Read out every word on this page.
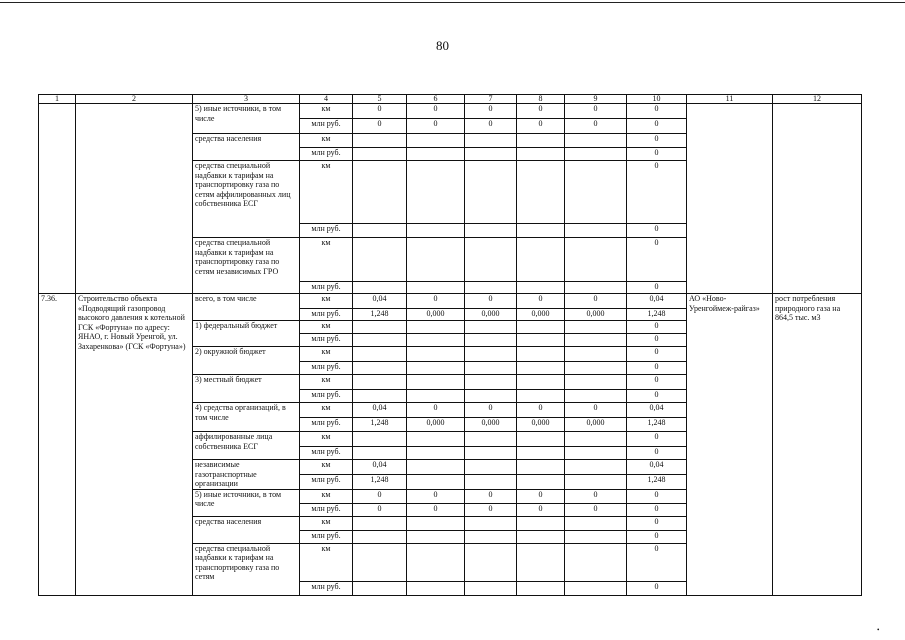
80
1	2	3	4	5	6	7	8	9	10	11	12
		5) иные источники, в том числе	км	0	0	0	0	0	0		
			млн руб.	0	0	0	0	0	0		
		средства населения	км						0		
			млн руб.						0		
		средства специальной надбавки к тарифам на транспортировку газа по сетям аффилированных лиц собственника ЕСГ	км						0		
			млн руб.						0		
		средства специальной надбавки к тарифам на транспортировку газа по сетям независимых ГРО	км						0		
			млн руб.						0		
7.36.	Строительство объекта «Подводящий газопровод высокого давления к котельной ГСК «Фортуна» по адресу: ЯНАО, г. Новый Уренгой, ул. Захаренкова» (ГСК «Фортуна»)	всего, в том числе	км	0,04	0	0	0	0	0,04	АО «Ново-Уренгоймеж-райгаз»	рост потребления природного газа на 864,5 тыс. м3
			млн руб.	1,248	0,000	0,000	0,000	0,000	1,248		
		1) федеральный бюджет	км						0		
			млн руб.						0		
		2) окружной бюджет	км						0		
			млн руб.						0		
		3) местный бюджет	км						0		
			млн руб.						0		
		4) средства организаций, в том числе	км	0,04	0	0	0	0	0,04		
			млн руб.	1,248	0,000	0,000	0,000	0,000	1,248		
		аффилированные лица собственника ЕСГ	км						0		
			млн руб.						0		
		независимые газотранспортные организации	км	0,04					0,04		
			млн руб.	1,248					1,248		
		5) иные источники, в том числе	км	0	0	0	0	0	0		
			млн руб.	0	0	0	0	0	0		
		средства населения	км						0		
			млн руб.						0		
		средства специальной надбавки к тарифам на транспортировку газа по сетям	км						0		
			млн руб.						0		
•
